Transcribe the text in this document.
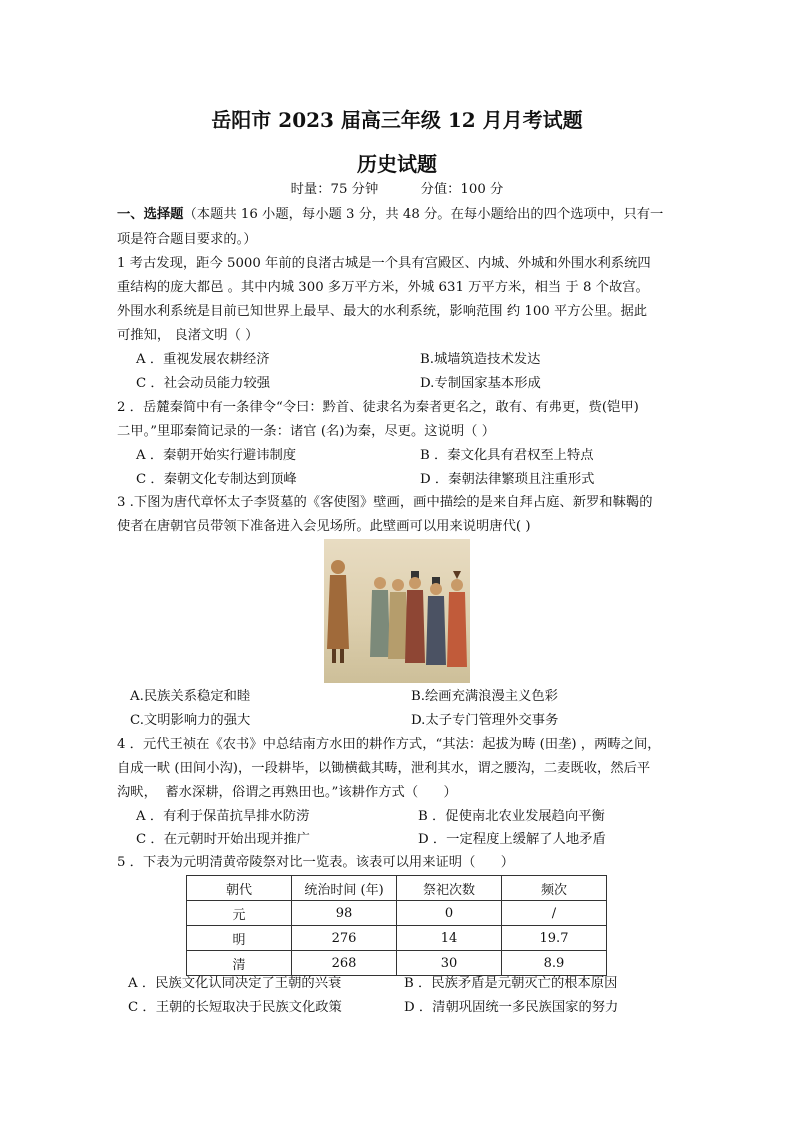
岳阳市 2023 届高三年级 12 月月考试题
历史试题
时量：75 分钟          分值：100 分
一、选择题（本题共 16 小题，每小题 3 分，共 48 分。在每小题给出的四个选项中，只有一
项是符合题目要求的。）
1 考古发现，距今 5000 年前的良渚古城是一个具有宫殿区、内城、外城和外围水利系统四
重结构的庞大都邑 。其中内城 300 多万平方米，外城 631 万平方米，相当 于 8 个故宫。
外围水利系统是目前已知世界上最早、最大的水利系统，影响范围 约 100 平方公里。据此
可推知， 良渚文明（ ）
A ．重视发展农耕经济	B.城墙筑造技术发达
C ．社会动员能力较强	D.专制国家基本形成
2 ．岳麓秦简中有一条律令“令曰：黔首、徒隶名为秦者更名之，敢有、有弗更，赀(铠甲)
二甲。”里耶秦简记录的一条：诸官 (名)为秦，尽更。这说明（ ）
A ．秦朝开始实行避讳制度	B ．秦文化具有君权至上特点
C ．秦朝文化专制达到顶峰	D ．秦朝法律繁琐且注重形式
3 .下图为唐代章怀太子李贤墓的《客使图》壁画，画中描绘的是来自拜占庭、新罗和靺鞨的
使者在唐朝官员带领下准备进入会见场所。此壁画可以用来说明唐代( )
A.民族关系稳定和睦	B.绘画充满浪漫主义色彩
C.文明影响力的强大	D.太子专门管理外交事务
4 ．元代王祯在《农书》中总结南方水田的耕作方式，“其法：起拔为畴 (田垄) ，两畴之间，
自成一畎 (田间小沟)，一段耕毕，以锄横截其畴，泄利其水，谓之腰沟，二麦既收，然后平
沟畎，  蓄水深耕，俗谓之再熟田也。”该耕作方式（      ）
A ．有利于保苗抗旱排水防涝	B ．促使南北农业发展趋向平衡
C ．在元朝时开始出现并推广	D ．一定程度上缓解了人地矛盾
5 ．下表为元明清黄帝陵祭对比一览表。该表可以用来证明（      ）
朝代	统治时间 (年)	祭祀次数	频次
元	98	0	/
明	276	14	19.7
清	268	30	8.9
A ．民族文化认同决定了王朝的兴衰	B ．民族矛盾是元朝灭亡的根本原因
C ．王朝的长短取决于民族文化政策	D ．清朝巩固统一多民族国家的努力
